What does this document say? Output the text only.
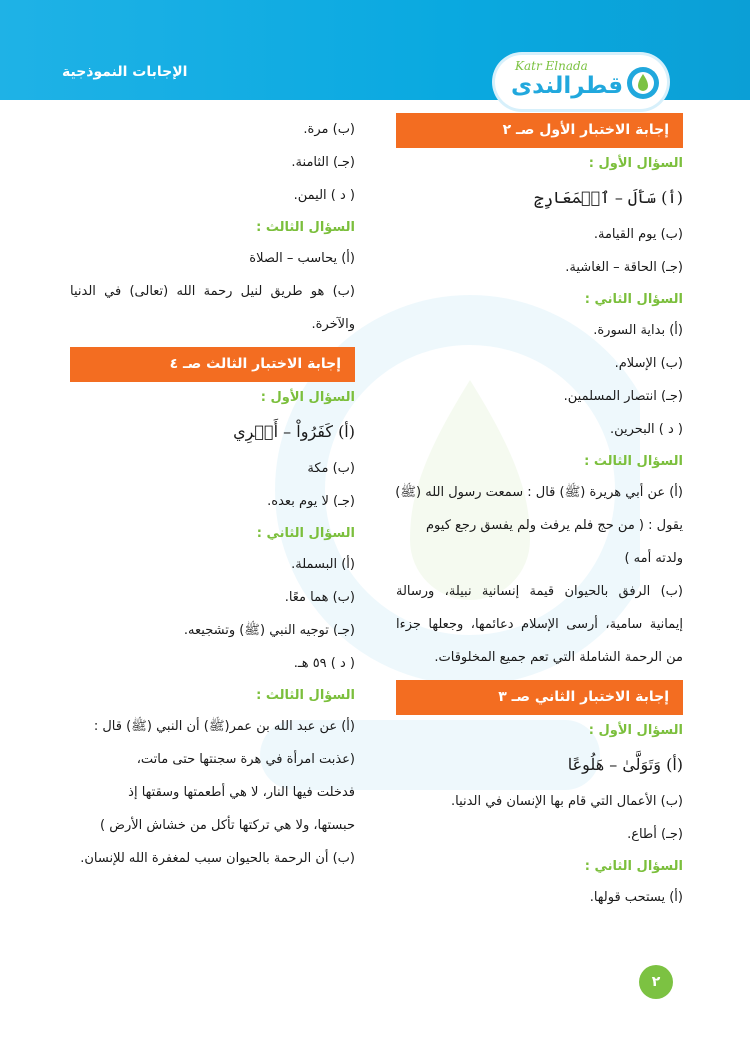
الإجابات النموذجية	Katr Elnada
قطرالندى
إجابة الاختبار الأول صـ ٢
السؤال الأول :
(أ) سَأَلَ – ٱلۡمَعَارِجِ
(ب) يوم القيامة.
(جـ) الحاقة – الغاشية.
السؤال الثاني :
(أ) بداية السورة.
(ب) الإسلام.
(جـ) انتصار المسلمين.
( د ) البحرين.
السؤال الثالث :
(أ) عن أبي هريرة (ﷺ) قال : سمعت رسول الله (ﷺ)
يقول : ( من حج فلم يرفث ولم يفسق رجع كيوم
ولدته أمه )
(ب) الرفق بالحيوان قيمة إنسانية نبيلة، ورسالة إيمانية سامية، أرسى الإسلام دعائمها، وجعلها جزءا من الرحمة الشاملة التي تعم جميع المخلوقات.
إجابة الاختبار الثاني صـ ٣
السؤال الأول :
(أ) وَتَوَلَّىٰ – هَلُوعًا
(ب) الأعمال التي قام بها الإنسان في الدنيا.
(جـ) أطاع.
السؤال الثاني :
(أ) يستحب قولها.
(ب) مرة.
(جـ) الثامنة.
( د ) اليمن.
السؤال الثالث :
(أ) يحاسب – الصلاة
(ب) هو طريق لنيل رحمة الله (تعالى) في الدنيا والآخرة.
إجابة الاختبار الثالث صـ ٤
السؤال الأول :
(أ) كَفَرُواْ – أَمۡرِي
(ب) مكة
(جـ) لا يوم بعده.
السؤال الثاني :
(أ) البسملة.
(ب) هما معًا.
(جـ) توجيه النبي (ﷺ) وتشجيعه.
( د ) ٥٩ هـ.
السؤال الثالث :
(أ) عن عبد الله بن عمر(ﷺ) أن النبي (ﷺ) قال :
(عذبت امرأة في هرة سجنتها حتى ماتت،
فدخلت فيها النار، لا هي أطعمتها وسقتها إذ
حبستها، ولا هي تركتها تأكل من خشاش الأرض )
(ب) أن الرحمة بالحيوان سبب لمغفرة الله للإنسان.
٢
